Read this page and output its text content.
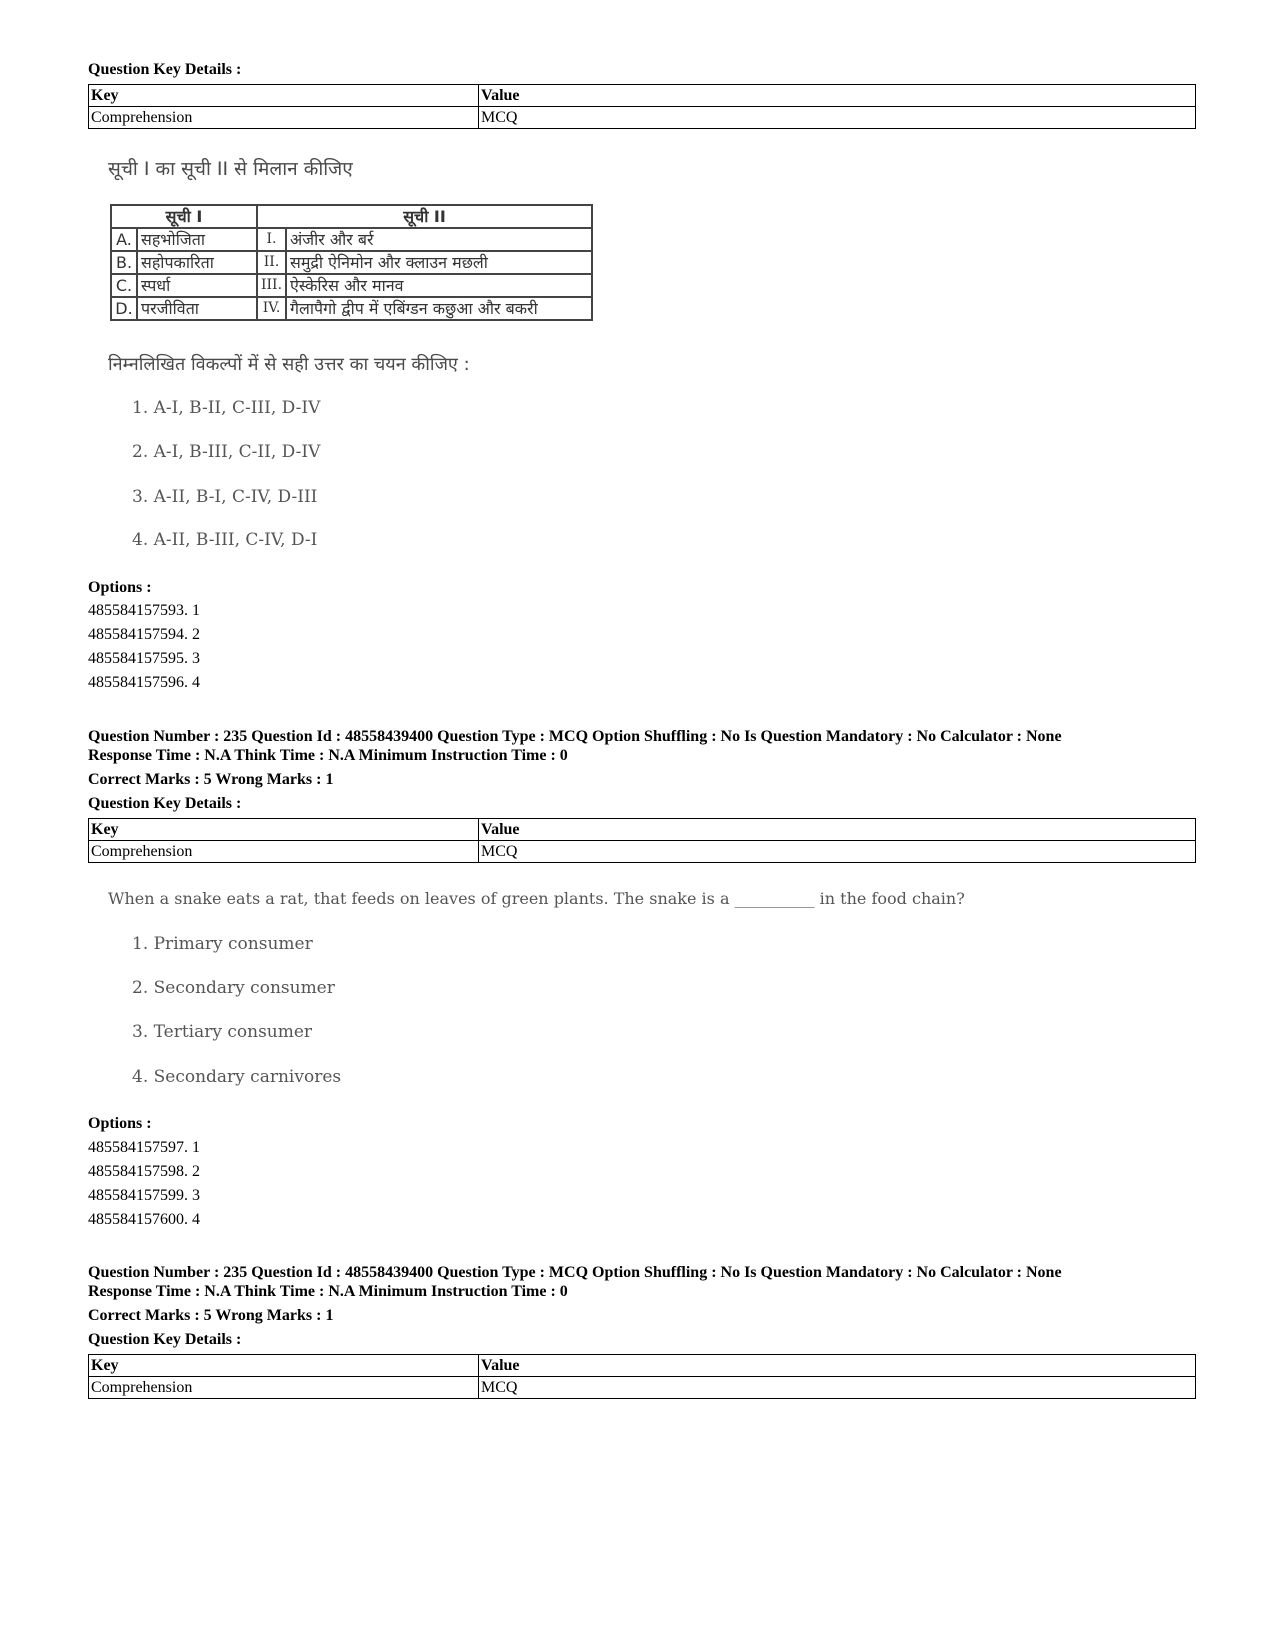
Question Key Details :
Key	Value
Comprehension	MCQ
सूची I का सूची II से मिलान कीजिए
सूची I		सूची II	
A.	सहभोजिता	I.	अंजीर और बर्र
B.	सहोपकारिता	II.	समुद्री ऐनिमोन और क्लाउन मछली
C.	स्पर्धा	III.	ऐस्केरिस और मानव
D.	परजीविता	IV.	गैलापैगो द्वीप में एबिंग्डन कछुआ और बकरी
निम्नलिखित विकल्पों में से सही उत्तर का चयन कीजिए :
1. A-I, B-II, C-III, D-IV
2. A-I, B-III, C-II, D-IV
3. A-II, B-I, C-IV, D-III
4. A-II, B-III, C-IV, D-I
Options :
485584157593. 1
485584157594. 2
485584157595. 3
485584157596. 4
Question Number : 235 Question Id : 48558439400 Question Type : MCQ Option Shuffling : No Is Question Mandatory : No Calculator : None
Response Time : N.A Think Time : N.A Minimum Instruction Time : 0
Correct Marks : 5 Wrong Marks : 1
Question Key Details :
Key	Value
Comprehension	MCQ
When a snake eats a rat, that feeds on leaves of green plants. The snake is a __________ in the food chain?
1. Primary consumer
2. Secondary consumer
3. Tertiary consumer
4. Secondary carnivores
Options :
485584157597. 1
485584157598. 2
485584157599. 3
485584157600. 4
Question Number : 235 Question Id : 48558439400 Question Type : MCQ Option Shuffling : No Is Question Mandatory : No Calculator : None
Response Time : N.A Think Time : N.A Minimum Instruction Time : 0
Correct Marks : 5 Wrong Marks : 1
Question Key Details :
Key	Value
Comprehension	MCQ
